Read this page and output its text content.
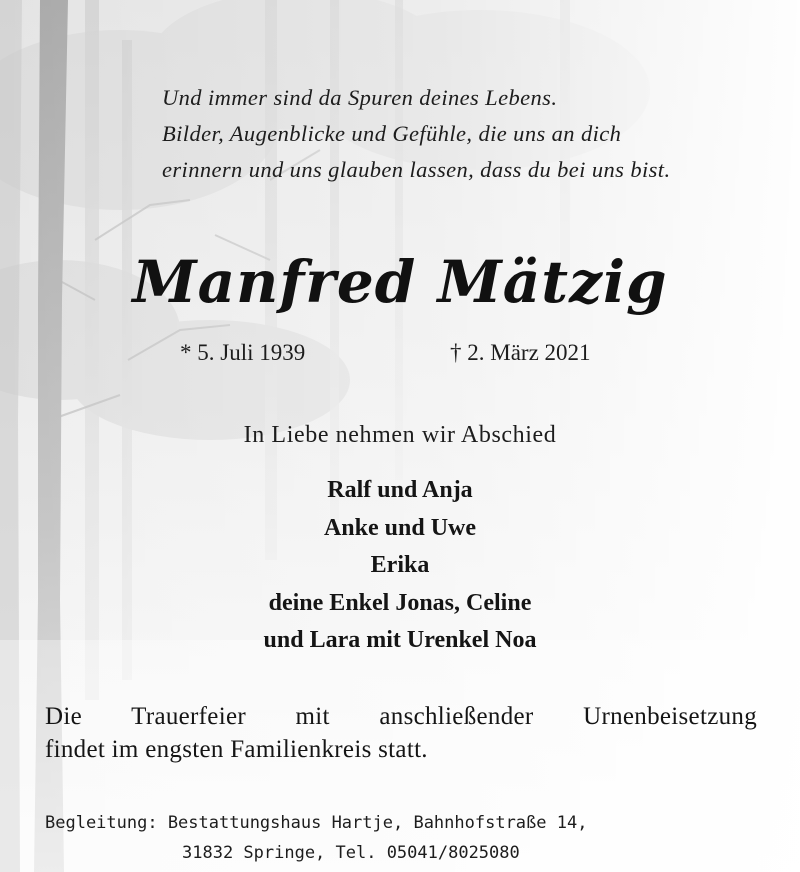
Und immer sind da Spuren deines Lebens.
Bilder, Augenblicke und Gefühle, die uns an dich
erinnern und uns glauben lassen, dass du bei uns bist.
Manfred Mätzig
* 5. Juli 1939	† 2. März 2021
In Liebe nehmen wir Abschied
Ralf und Anja
Anke und Uwe
Erika
deine Enkel Jonas, Celine
und Lara mit Urenkel Noa
Die Trauerfeier mit anschließender Urnenbeisetzung
findet im engsten Familienkreis statt.
Begleitung: Bestattungshaus Hartje, Bahnhofstraße 14,
31832 Springe, Tel. 05041/8025080
